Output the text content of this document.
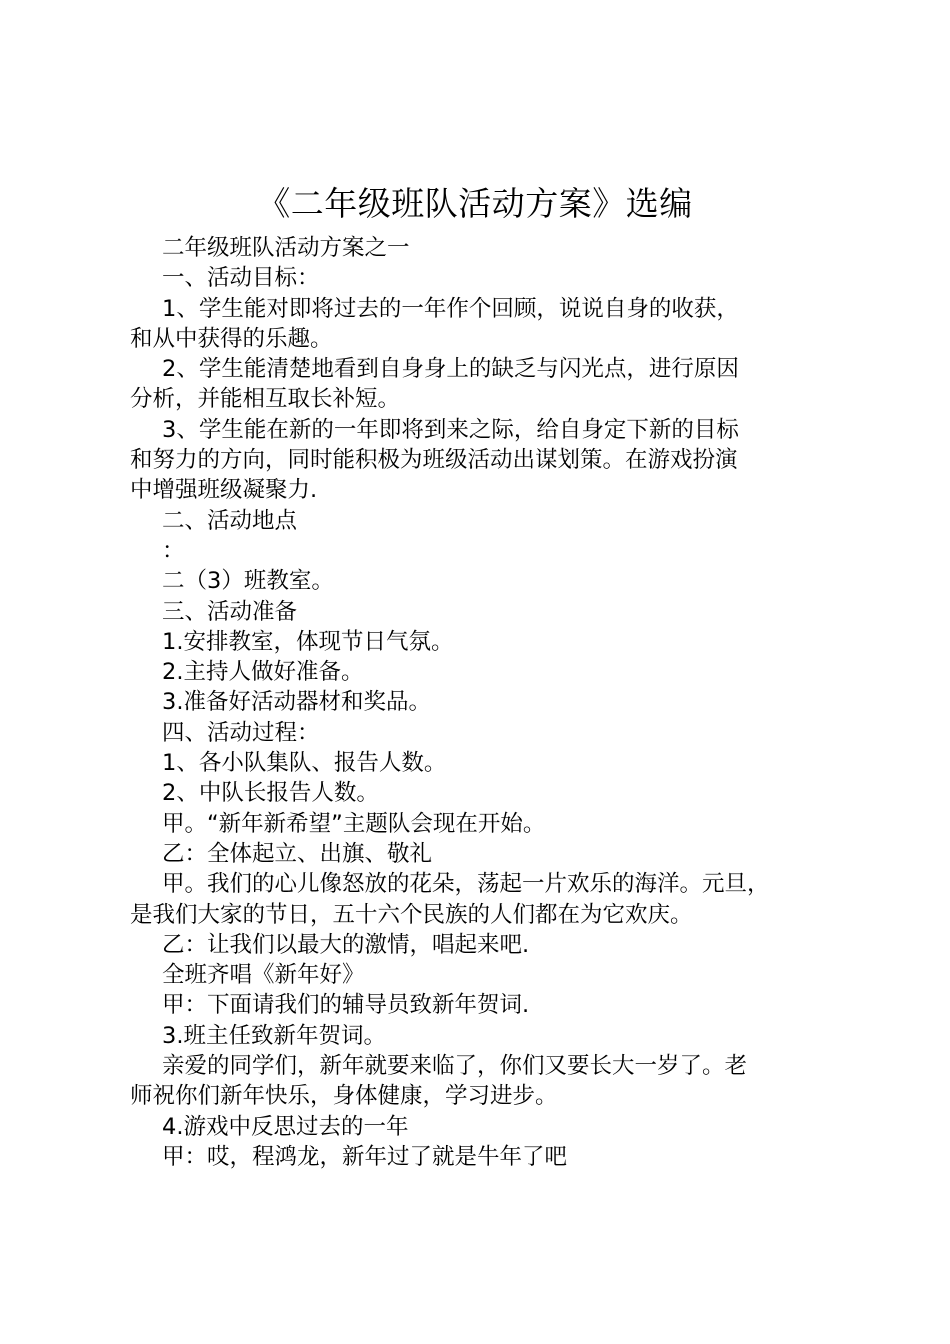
《二年级班队活动方案》选编

二年级班队活动方案之一

一、活动目标：

1、学生能对即将过去的一年作个回顾，说说自身的收获，

和从中获得的乐趣。

2、学生能清楚地看到自身身上的缺乏与闪光点，进行原因

分析，并能相互取长补短。

3、学生能在新的一年即将到来之际，给自身定下新的目标

和努力的方向，同时能积极为班级活动出谋划策。在游戏扮演

中增强班级凝聚力.

二、活动地点

：

二（3）班教室。

三、活动准备

1.安排教室，体现节日气氛。

2.主持人做好准备。

3.准备好活动器材和奖品。

四、活动过程：

1、各小队集队、报告人数。

2、中队长报告人数。

甲。“新年新希望”主题队会现在开始。

乙：全体起立、出旗、敬礼

甲。我们的心儿像怒放的花朵，荡起一片欢乐的海洋。元旦，

是我们大家的节日，五十六个民族的人们都在为它欢庆。

乙：让我们以最大的激情，唱起来吧.

全班齐唱《新年好》

甲：下面请我们的辅导员致新年贺词.

3.班主任致新年贺词。

亲爱的同学们，新年就要来临了，你们又要长大一岁了。老

师祝你们新年快乐，身体健康，学习进步。

4.游戏中反思过去的一年

甲：哎，程鸿龙，新年过了就是牛年了吧
